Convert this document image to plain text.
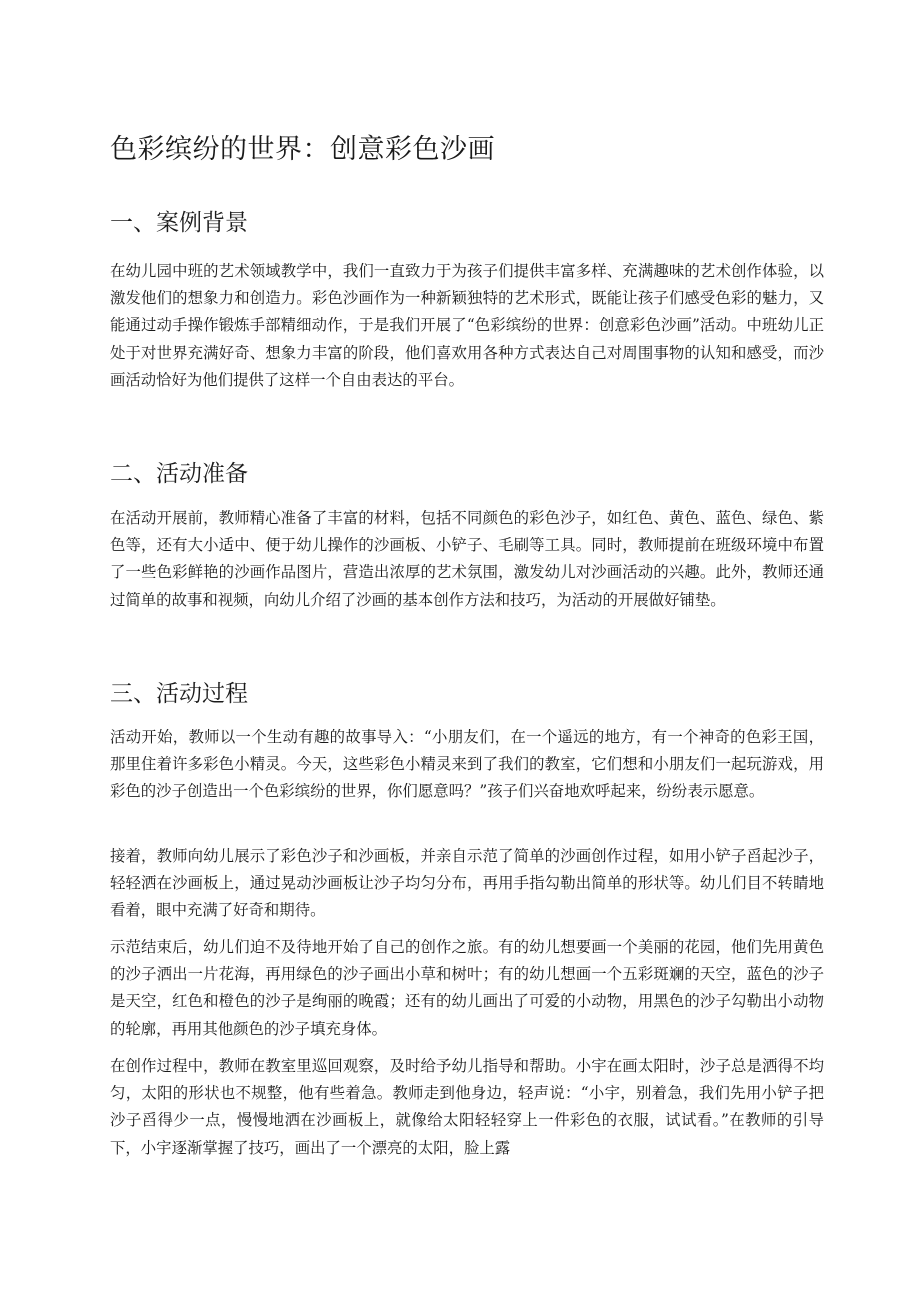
色彩缤纷的世界：创意彩色沙画
一、案例背景

在幼儿园中班的艺术领域教学中，我们一直致力于为孩子们提供丰富多样、充满趣味的艺术创作体验，以激发他们的想象力和创造力。彩色沙画作为一种新颖独特的艺术形式，既能让孩子们感受色彩的魅力，又能通过动手操作锻炼手部精细动作，于是我们开展了“色彩缤纷的世界：创意彩色沙画”活动。中班幼儿正处于对世界充满好奇、想象力丰富的阶段，他们喜欢用各种方式表达自己对周围事物的认知和感受，而沙画活动恰好为他们提供了这样一个自由表达的平台。

二、活动准备

在活动开展前，教师精心准备了丰富的材料，包括不同颜色的彩色沙子，如红色、黄色、蓝色、绿色、紫色等，还有大小适中、便于幼儿操作的沙画板、小铲子、毛刷等工具。同时，教师提前在班级环境中布置了一些色彩鲜艳的沙画作品图片，营造出浓厚的艺术氛围，激发幼儿对沙画活动的兴趣。此外，教师还通过简单的故事和视频，向幼儿介绍了沙画的基本创作方法和技巧，为活动的开展做好铺垫。

三、活动过程

活动开始，教师以一个生动有趣的故事导入：“小朋友们，在一个遥远的地方，有一个神奇的色彩王国，那里住着许多彩色小精灵。今天，这些彩色小精灵来到了我们的教室，它们想和小朋友们一起玩游戏，用彩色的沙子创造出一个色彩缤纷的世界，你们愿意吗？”孩子们兴奋地欢呼起来，纷纷表示愿意。

接着，教师向幼儿展示了彩色沙子和沙画板，并亲自示范了简单的沙画创作过程，如用小铲子舀起沙子，轻轻洒在沙画板上，通过晃动沙画板让沙子均匀分布，再用手指勾勒出简单的形状等。幼儿们目不转睛地看着，眼中充满了好奇和期待。

示范结束后，幼儿们迫不及待地开始了自己的创作之旅。有的幼儿想要画一个美丽的花园，他们先用黄色的沙子洒出一片花海，再用绿色的沙子画出小草和树叶；有的幼儿想画一个五彩斑斓的天空，蓝色的沙子是天空，红色和橙色的沙子是绚丽的晚霞；还有的幼儿画出了可爱的小动物，用黑色的沙子勾勒出小动物的轮廓，再用其他颜色的沙子填充身体。

在创作过程中，教师在教室里巡回观察，及时给予幼儿指导和帮助。小宇在画太阳时，沙子总是洒得不均匀，太阳的形状也不规整，他有些着急。教师走到他身边，轻声说：“小宇，别着急，我们先用小铲子把沙子舀得少一点，慢慢地洒在沙画板上，就像给太阳轻轻穿上一件彩色的衣服，试试看。”在教师的引导下，小宇逐渐掌握了技巧，画出了一个漂亮的太阳，脸上露
